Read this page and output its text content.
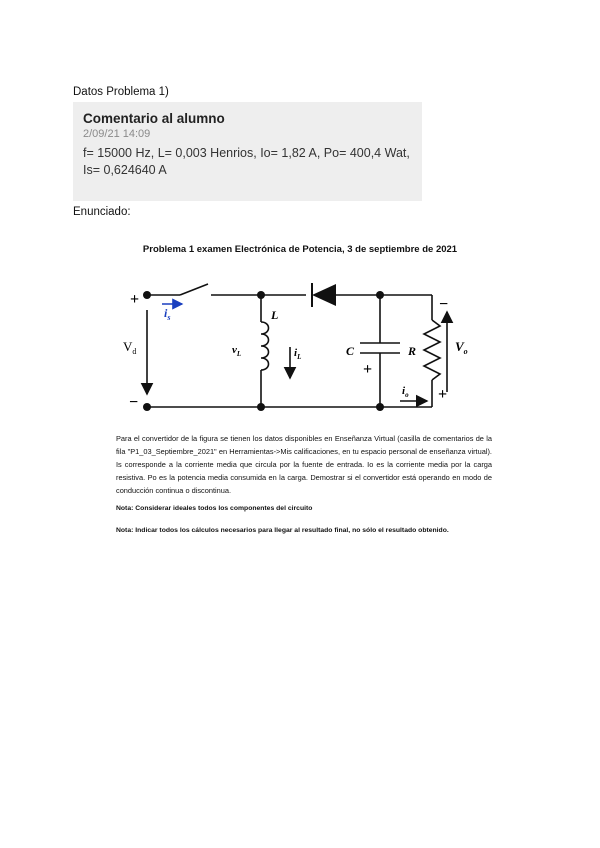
Datos Problema 1)
Comentario al alumno
2/09/21 14:09
f= 15000 Hz, L= 0,003 Henrios, Io= 1,82 A, Po= 400,4 Wat, Is= 0,624640 A
Enunciado:
Problema 1 examen Electrónica de Potencia, 3 de septiembre de 2021
+
−
$V_d$
$i_s$	L
$v_L$	$i_L$	C
+
R	$V_o$
−
+
$i_o$
Para el convertidor de la figura se tienen los datos disponibles en Enseñanza Virtual (casilla de comentarios de la fila "P1_03_Septiembre_2021" en Herramientas->Mis calificaciones, en tu espacio personal de enseñanza virtual). Is corresponde a la corriente media que circula por la fuente de entrada. Io es la corriente media por la carga resistiva. Po es la potencia media consumida en la carga. Demostrar si el convertidor está operando en modo de conducción continua o discontinua.
Nota: Considerar ideales todos los componentes del circuito
Nota: Indicar todos los cálculos necesarios para llegar al resultado final, no sólo el resultado obtenido.
